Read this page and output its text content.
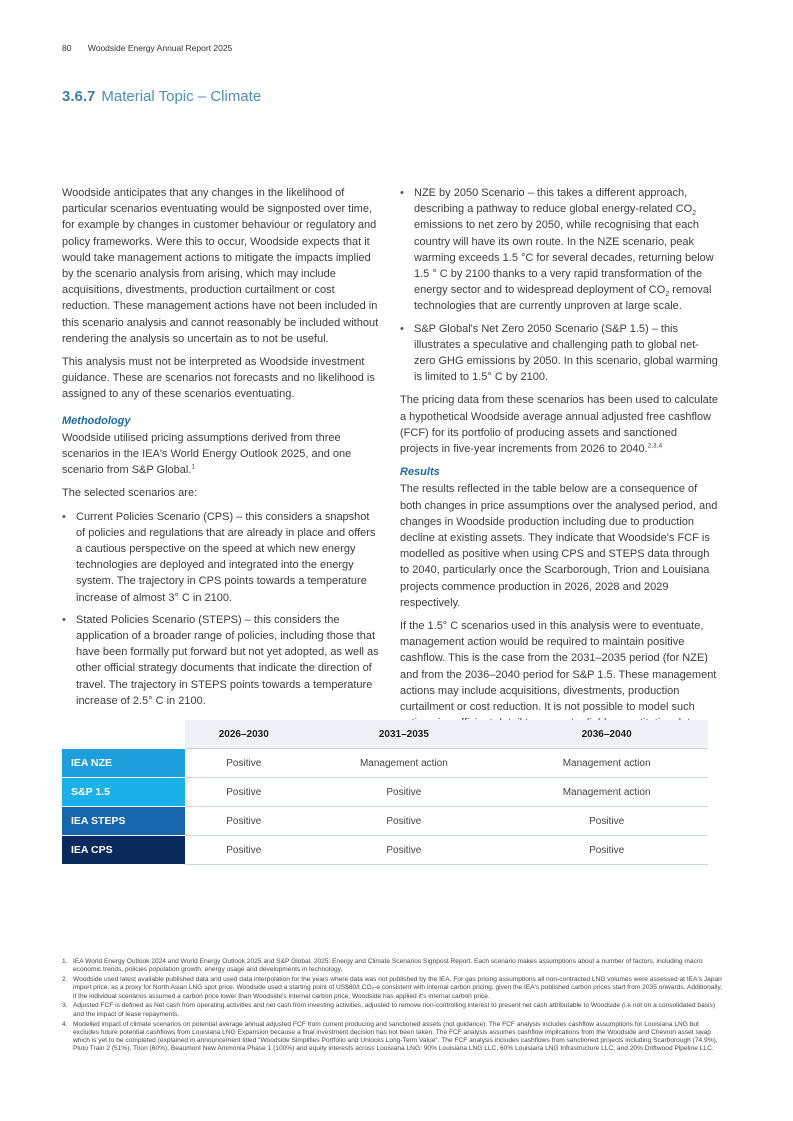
80 Woodside Energy Annual Report 2025
3.6.7 Material Topic – Climate

Woodside anticipates that any changes in the likelihood of particular scenarios eventuating would be signposted over time, for example by changes in customer behaviour or regulatory and policy frameworks. Were this to occur, Woodside expects that it would take management actions to mitigate the impacts implied by the scenario analysis from arising, which may include acquisitions, divestments, production curtailment or cost reduction. These management actions have not been included in this scenario analysis and cannot reasonably be included without rendering the analysis so uncertain as to not be useful.

This analysis must not be interpreted as Woodside investment guidance. These are scenarios not forecasts and no likelihood is assigned to any of these scenarios eventuating.

Methodology

Woodside utilised pricing assumptions derived from three scenarios in the IEA's World Energy Outlook 2025, and one scenario from S&P Global.$^1$

The selected scenarios are:

• Current Policies Scenario (CPS) – this considers a snapshot of policies and regulations that are already in place and offers a cautious perspective on the speed at which new energy technologies are deployed and integrated into the energy system. The trajectory in CPS points towards a temperature increase of almost 3° C in 2100.
• Stated Policies Scenario (STEPS) – this considers the application of a broader range of policies, including those that have been formally put forward but not yet adopted, as well as other official strategy documents that indicate the direction of travel. The trajectory in STEPS points towards a temperature increase of 2.5° C in 2100.
• NZE by 2050 Scenario – this takes a different approach, describing a pathway to reduce global energy-related $CO_2$ emissions to net zero by 2050, while recognising that each country will have its own route. In the NZE scenario, peak warming exceeds 1.5 °C for several decades, returning below 1.5 ° C by 2100 thanks to a very rapid transformation of the energy sector and to widespread deployment of $CO_2$ removal technologies that are currently unproven at large scale.
• S&P Global's Net Zero 2050 Scenario (S&P 1.5) – this illustrates a speculative and challenging path to global net-zero GHG emissions by 2050. In this scenario, global warming is limited to 1.5° C by 2100.

The pricing data from these scenarios has been used to calculate a hypothetical Woodside average annual adjusted free cashflow (FCF) for its portfolio of producing assets and sanctioned projects in five-year increments from 2026 to 2040.$^{2,3,4}$

Results

The results reflected in the table below are a consequence of both changes in price assumptions over the analysed period, and changes in Woodside production including due to production decline at existing assets. They indicate that Woodside's FCF is modelled as positive when using CPS and STEPS data through to 2040, particularly once the Scarborough, Trion and Louisiana projects commence production in 2026, 2028 and 2029 respectively.

If the 1.5° C scenarios used in this analysis were to eventuate, management action would be required to maintain positive cashflow. This is the case from the 2031–2035 period (for NZE) and from the 2036–2040 period for S&P 1.5. These management actions may include acquisitions, divestments, production curtailment or cost reduction. It is not possible to model such

	2026–2030	2031–2035	2036–2040
IEA NZE	Positive	Management action	Management action
S&P 1.5	Positive	Positive	Management action
IEA STEPS	Positive	Positive	Positive
IEA CPS	Positive	Positive	Positive
1. IEA World Energy Outlook 2024 and World Energy Outlook 2025 and S&P Global, 2025: Energy and Climate Scenarios Signpost Report. Each scenario makes assumptions about a number of factors, including macro economic trends, policies population growth, energy usage and developments in technology.
2. Woodside used latest available published data and used data interpolation for the years where data was not published by the IEA. For gas pricing assumptions all non-contracted LNG volumes were assessed at IEA's Japan import price, as a proxy for North Asian LNG spot price. Woodside used a starting point of US$80/t CO₂-e consistent with internal carbon pricing, given the IEA's published carbon prices start from 2035 onwards. Additionally, if the individual scenarios assumed a carbon price lower than Woodside's internal carbon price, Woodside has applied it's internal carbon price.
3. Adjusted FCF is defined as Net cash from operating activities and net cash from investing activities, adjusted to remove non-controlling interest to present net cash attributable to Woodside (i.e not on a consolidated basis) and the impact of lease repayments.
4. Modelled impact of climate scenarios on potential average annual adjusted FCF from current producing and sanctioned assets (not guidance). The FCF analysis includes cashflow assumptions for Louisiana LNG but excludes future potential cashflows from Louisiana LNG Expansion because a final investment decision has not been taken. The FCF analysis assumes cashflow implications from the Woodside and Chevron asset swap which is yet to be completed (explained in announcement titled "Woodside Simplifies Portfolio and Unlocks Long-Term Value". The FCF analysis includes cashflows from sanctioned projects including Scarborough (74.9%), Pluto Train 2 (51%), Trion (60%), Beaumont New Ammonia Phase 1 (100%) and equity interests across Louisiana LNG: 90% Louisiana LNG LLC, 60% Louisiana LNG Infrastructure LLC, and 20% Driftwood Pipeline LLC.
